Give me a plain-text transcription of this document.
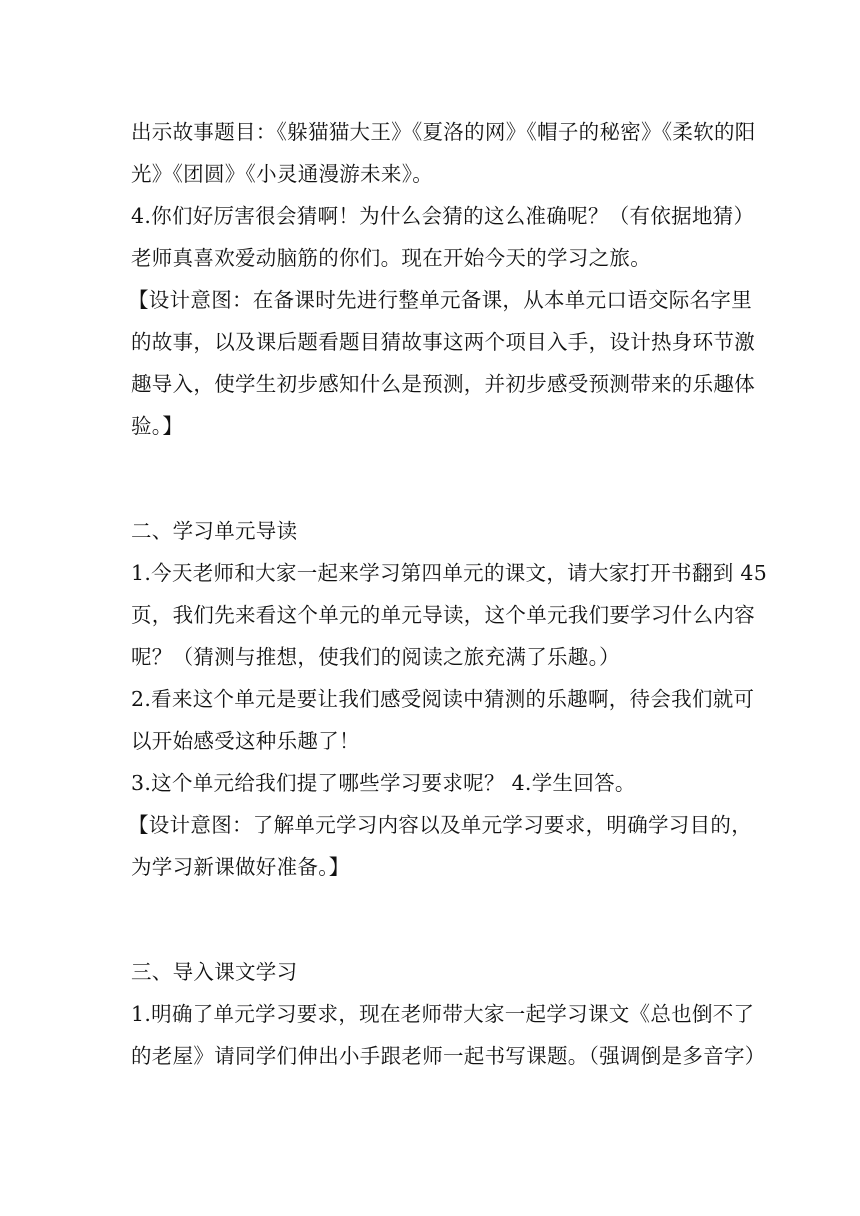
出示故事题目：《躲猫猫大王》《夏洛的网》《帽子的秘密》《柔软的阳
光》《团圆》《小灵通漫游未来》。
4.你们好厉害很会猜啊！为什么会猜的这么准确呢？（有依据地猜）
老师真喜欢爱动脑筋的你们。现在开始今天的学习之旅。
【设计意图：在备课时先进行整单元备课，从本单元口语交际名字里
的故事，以及课后题看题目猜故事这两个项目入手，设计热身环节激
趣导入，使学生初步感知什么是预测，并初步感受预测带来的乐趣体
验。】
二、学习单元导读
1.今天老师和大家一起来学习第四单元的课文，请大家打开书翻到 45
页，我们先来看这个单元的单元导读，这个单元我们要学习什么内容
呢？（猜测与推想，使我们的阅读之旅充满了乐趣。）
2.看来这个单元是要让我们感受阅读中猜测的乐趣啊，待会我们就可
以开始感受这种乐趣了！
3.这个单元给我们提了哪些学习要求呢？ 4.学生回答。
【设计意图：了解单元学习内容以及单元学习要求，明确学习目的，
为学习新课做好准备。】
三、导入课文学习
1.明确了单元学习要求，现在老师带大家一起学习课文《总也倒不了
的老屋》请同学们伸出小手跟老师一起书写课题。（强调倒是多音字）
